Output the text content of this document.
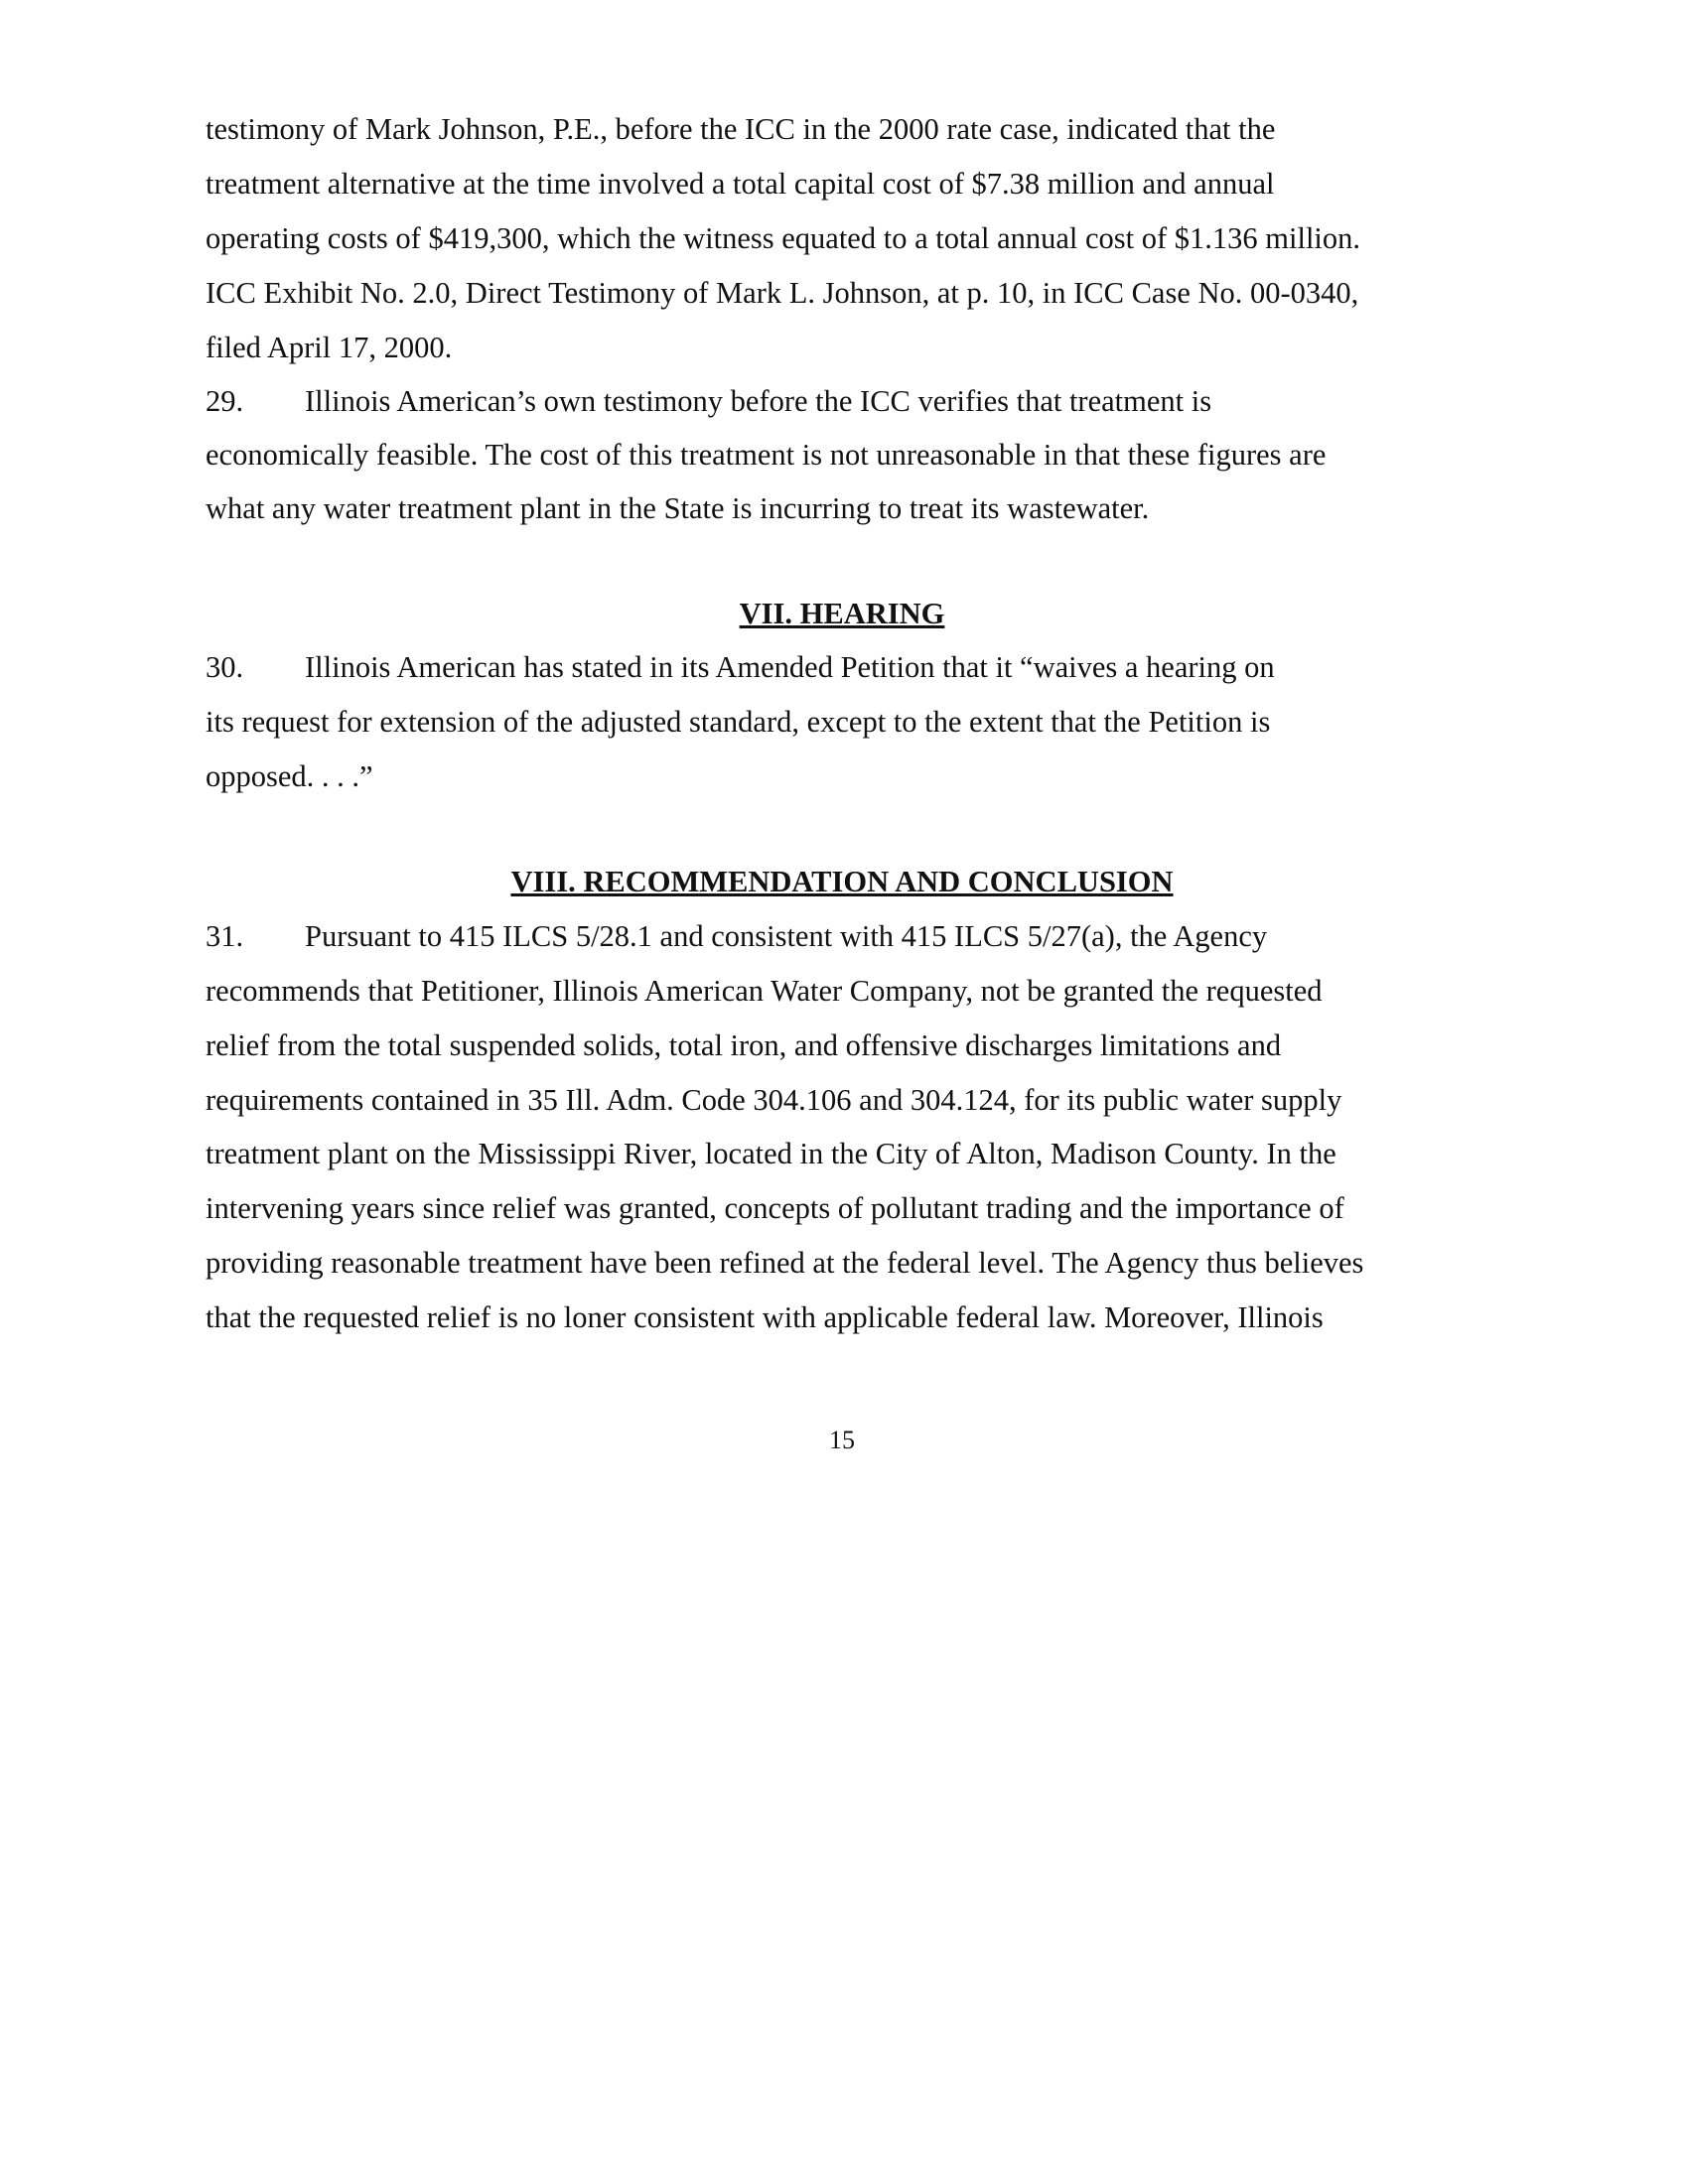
testimony of Mark Johnson, P.E., before the ICC in the 2000 rate case, indicated that the
treatment alternative at the time involved a total capital cost of $7.38 million and annual
operating costs of $419,300, which the witness equated to a total annual cost of $1.136 million.
ICC Exhibit No. 2.0, Direct Testimony of Mark L. Johnson, at p. 10, in ICC Case No. 00-0340,
filed April 17, 2000.
29. Illinois American’s own testimony before the ICC verifies that treatment is
economically feasible. The cost of this treatment is not unreasonable in that these figures are
what any water treatment plant in the State is incurring to treat its wastewater.
VII. HEARING
30. Illinois American has stated in its Amended Petition that it “waives a hearing on
its request for extension of the adjusted standard, except to the extent that the Petition is
opposed. . . .”
VIII. RECOMMENDATION AND CONCLUSION
31. Pursuant to 415 ILCS 5/28.1 and consistent with 415 ILCS 5/27(a), the Agency
recommends that Petitioner, Illinois American Water Company, not be granted the requested
relief from the total suspended solids, total iron, and offensive discharges limitations and
requirements contained in 35 Ill. Adm. Code 304.106 and 304.124, for its public water supply
treatment plant on the Mississippi River, located in the City of Alton, Madison County. In the
intervening years since relief was granted, concepts of pollutant trading and the importance of
providing reasonable treatment have been refined at the federal level. The Agency thus believes
that the requested relief is no loner consistent with applicable federal law. Moreover, Illinois
15
